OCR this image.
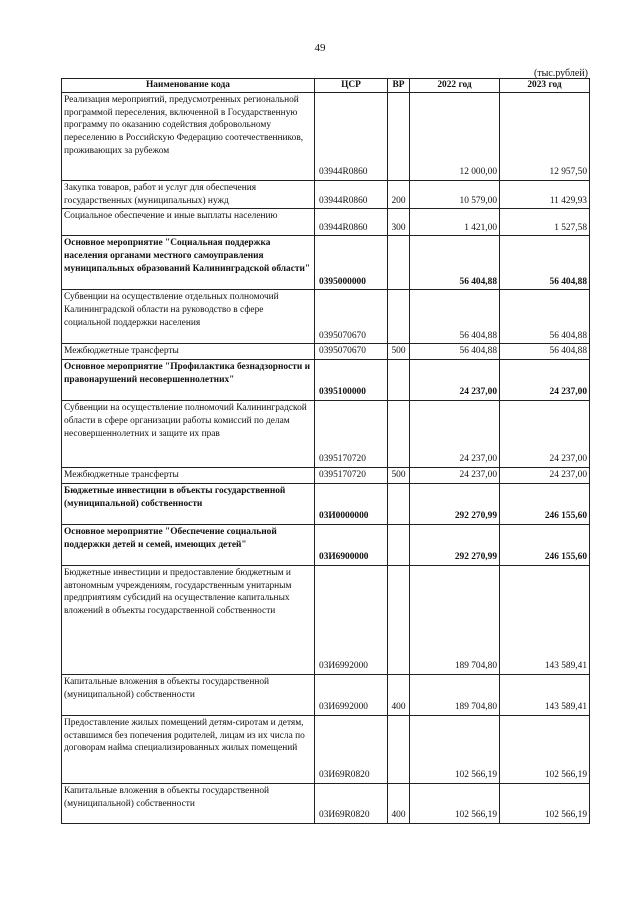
49
(тыс.рублей)
Наименование кода	ЦСР	ВР	2022 год	2023 год
Реализация мероприятий, предусмотренных региональной программой переселения, включенной в Государственную программу по оказанию содействия добровольному переселению в Российскую Федерацию соотечественников, проживающих за рубежом	03944R0860		12 000,00	12 957,50
Закупка товаров, работ и услуг для обеспечения государственных (муниципальных) нужд	03944R0860	200	10 579,00	11 429,93
Социальное обеспечение и иные выплаты населению	03944R0860	300	1 421,00	1 527,58
Основное мероприятие "Социальная поддержка населения органами местного самоуправления муниципальных образований Калининградской области"	0395000000		56 404,88	56 404,88
Субвенции на осуществление отдельных полномочий Калининградской области на руководство в сфере социальной поддержки населения	0395070670		56 404,88	56 404,88
Межбюджетные трансферты	0395070670	500	56 404,88	56 404,88
Основное мероприятие "Профилактика безнадзорности и правонарушений несовершеннолетних"	0395100000		24 237,00	24 237,00
Субвенции на осуществление полномочий Калининградской области в сфере организации работы комиссий по делам несовершеннолетних и защите их прав	0395170720		24 237,00	24 237,00
Межбюджетные трансферты	0395170720	500	24 237,00	24 237,00
Бюджетные инвестиции в объекты государственной (муниципальной) собственности	03И0000000		292 270,99	246 155,60
Основное мероприятие "Обеспечение социальной поддержки детей и семей, имеющих детей"	03И6900000		292 270,99	246 155,60
Бюджетные инвестиции и предоставление бюджетным и автономным учреждениям, государственным унитарным предприятиям субсидий на осуществление капитальных вложений в объекты государственной собственности	03И6992000		189 704,80	143 589,41
Капитальные вложения в объекты государственной (муниципальной) собственности	03И6992000	400	189 704,80	143 589,41
Предоставление жилых помещений детям-сиротам и детям, оставшимся без попечения родителей, лицам из их числа по договорам найма специализированных жилых помещений	03И69R0820		102 566,19	102 566,19
Капитальные вложения в объекты государственной (муниципальной) собственности	03И69R0820	400	102 566,19	102 566,19
